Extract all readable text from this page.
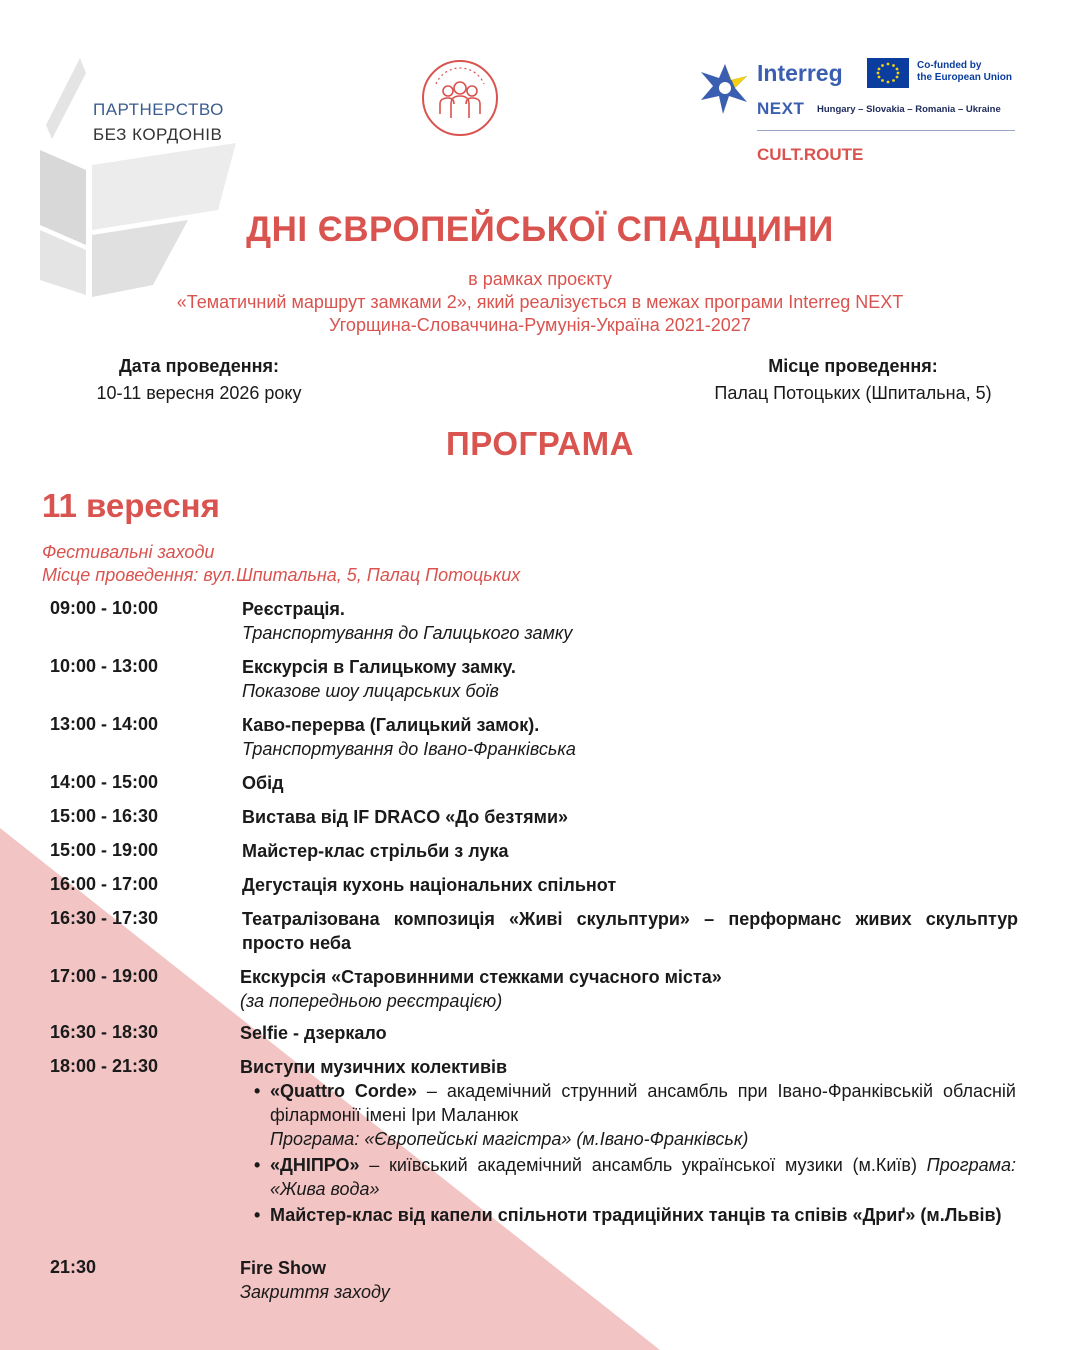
ПАРТНЕРСТВО
БЕЗ КОРДОНІВ
Interreg	Co-funded by
the European Union
NEXT Hungary – Slovakia – Romania – Ukraine
CULT.ROUTE
ДНІ ЄВРОПЕЙСЬКОЇ СПАДЩИНИ
в рамках проєкту
«Тематичний маршрут замками 2», який реалізується в межах програми Interreg NEXT
Угорщина-Словаччина-Румунія-Україна 2021-2027
Дата проведення:
10-11 вересня 2026 року
Місце проведення:
Палац Потоцьких (Шпитальна, 5)
ПРОГРАМА
11 вересня
Фестивальні заходи
Місце проведення: вул.Шпитальна, 5, Палац Потоцьких
09:00 - 10:00	Реєстрація.
Транспортування до Галицького замку
10:00 - 13:00	Екскурсія в Галицькому замку.
Показове шоу лицарських боїв
13:00 - 14:00	Каво-перерва (Галицький замок).
Транспортування до Івано-Франківська
14:00 - 15:00	Обід
15:00 - 16:30	Вистава від IF DRACO «До безтями»
15:00 - 19:00	Майстер-клас стрільби з лука
16:00 - 17:00	Дегустація кухонь національних спільнот
16:30 - 17:30	Театралізована композиція «Живі скульптури» – перформанс живих скульптур просто неба
17:00 - 19:00	Екскурсія «Старовинними стежками сучасного міста»
(за попередньою реєстрацією)
16:30 - 18:30	Selfie - дзеркало
18:00 - 21:30	Виступи музичних колективів
• «Quattro Corde» – академічний струнний ансамбль при Івано-Франківській обласній філармонії імені Іри Маланюк
Програма: «Європейські магістра» (м.Івано-Франківськ)
• «ДНІПРО» – київський академічний ансамбль української музики (м.Київ) Програма: «Жива вода»
• Майстер-клас від капели спільноти традиційних танців та співів «Дриґ» (м.Львів)
21:30	Fire Show
Закриття заходу
